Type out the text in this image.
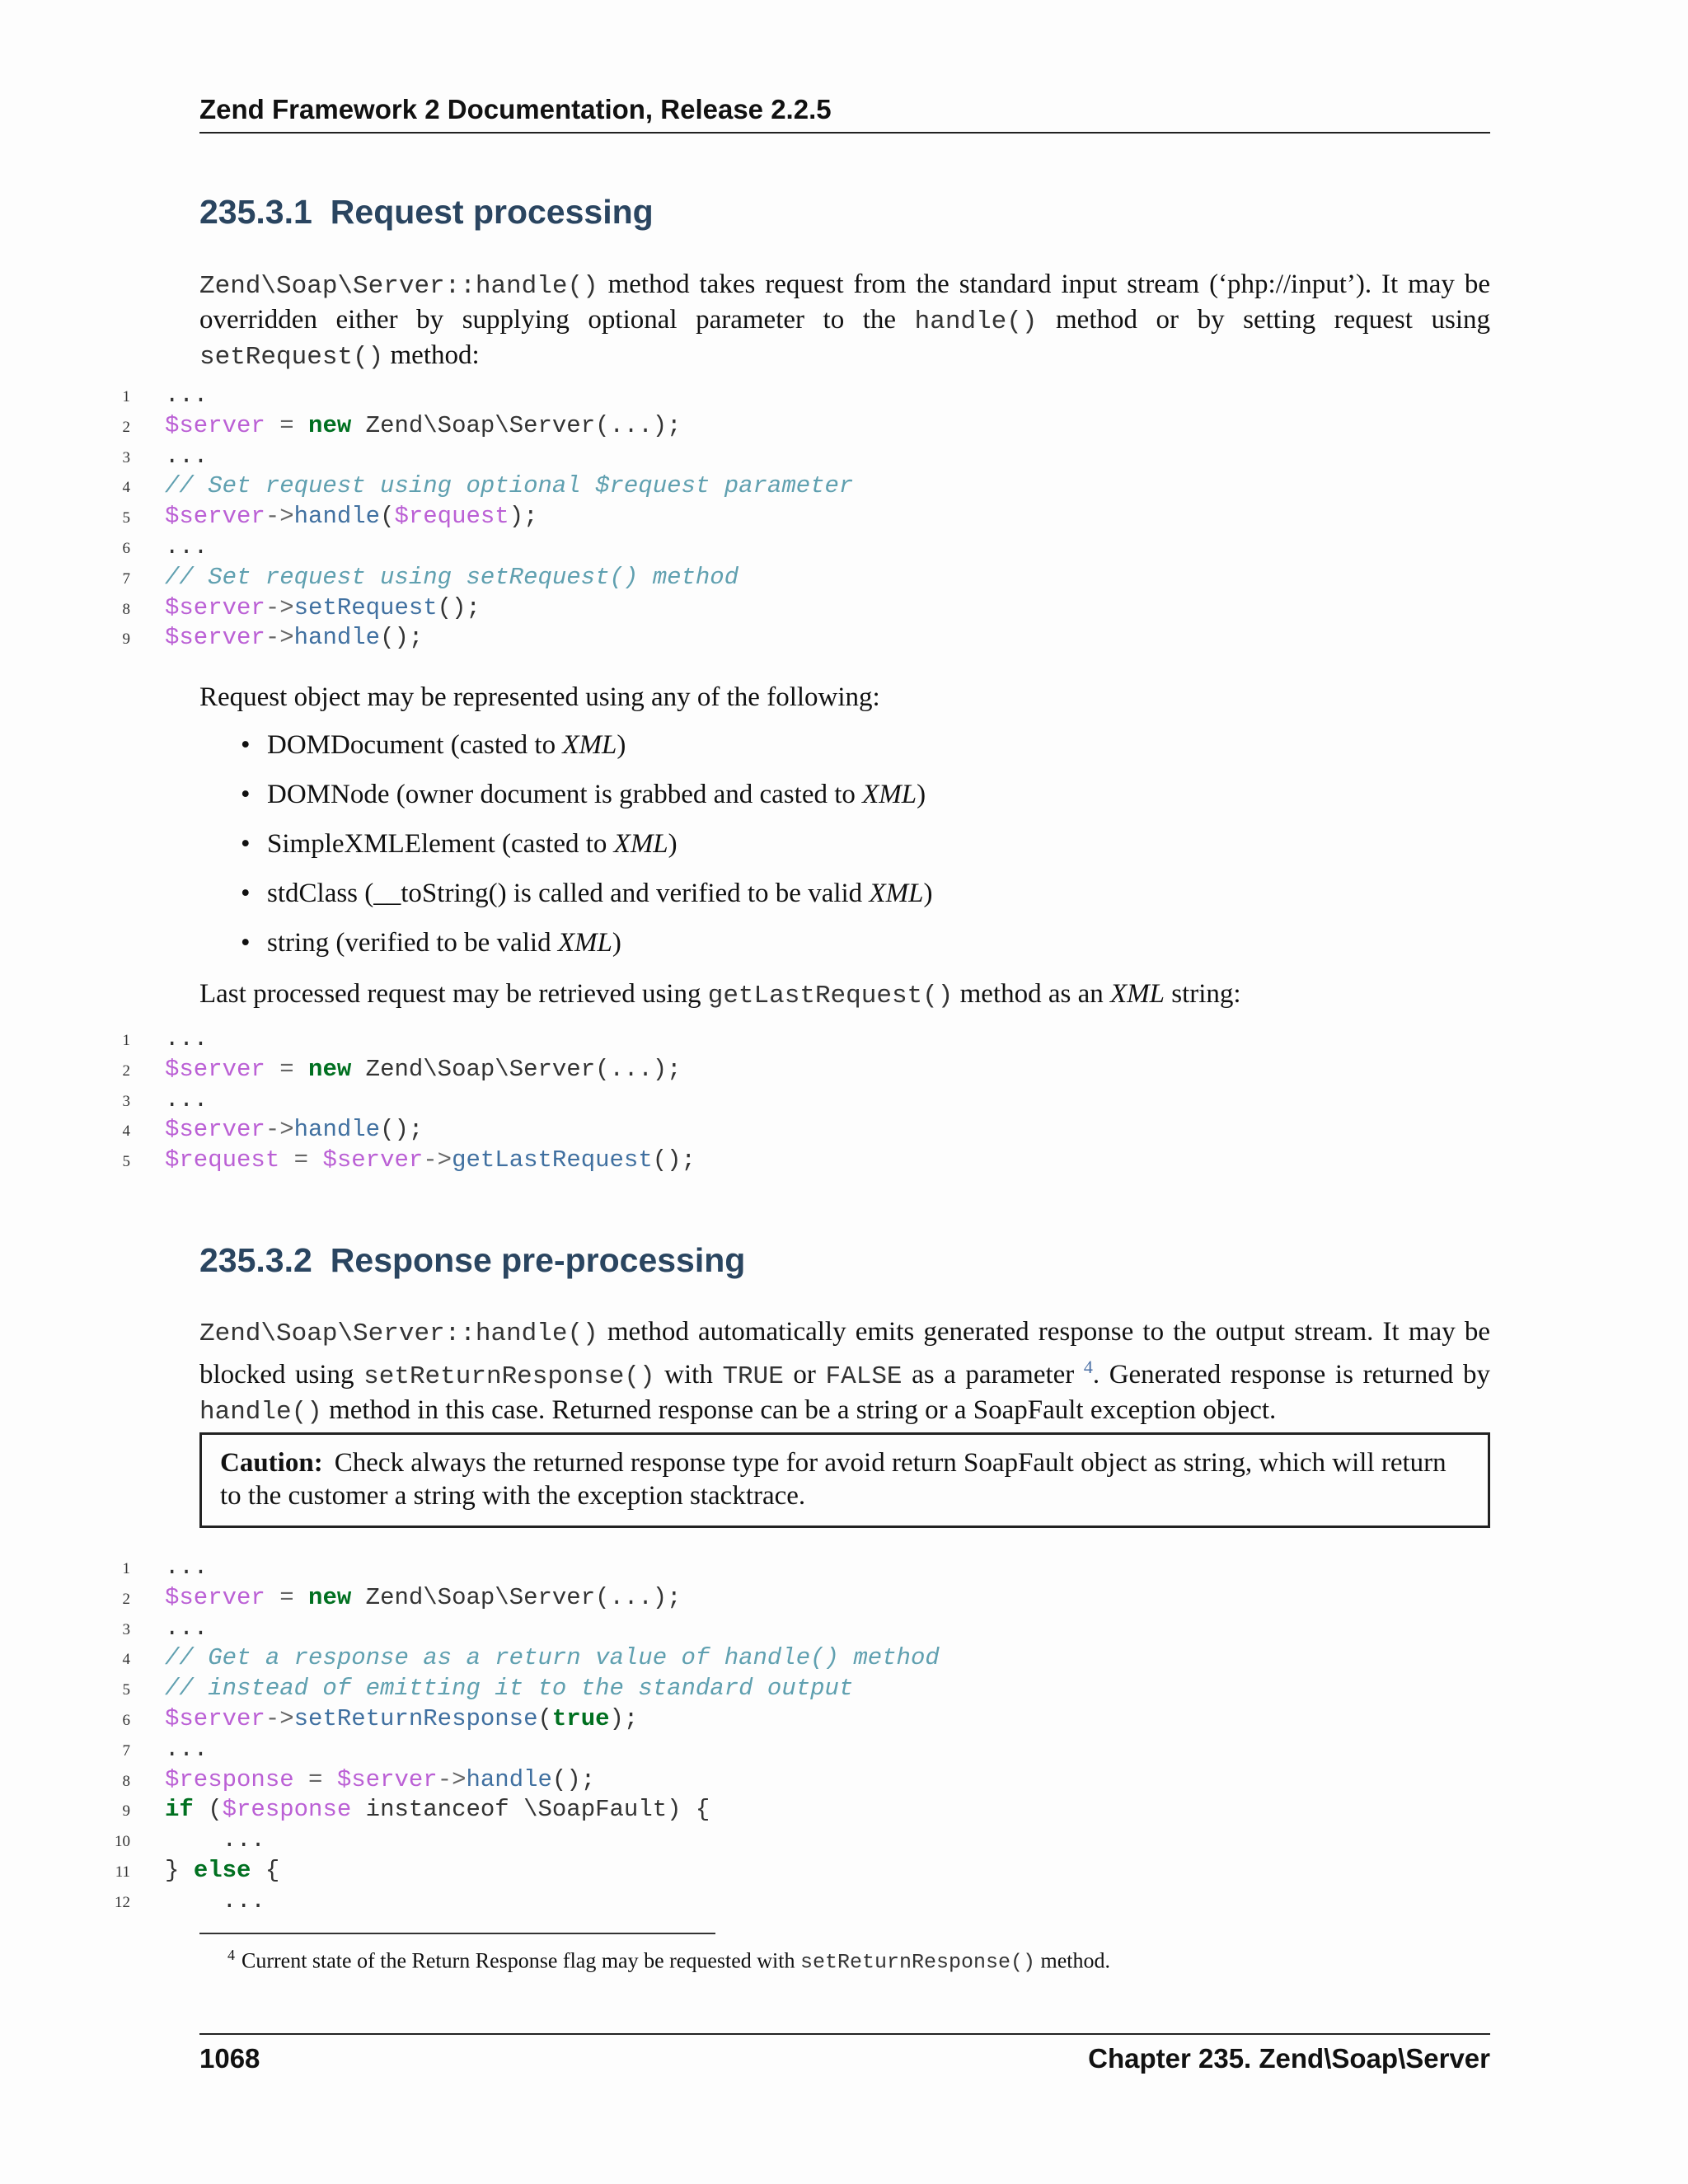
Zend Framework 2 Documentation, Release 2.2.5
235.3.1 Request processing

Zend\Soap\Server::handle() method takes request from the standard input stream (‘php://input’). It may be overridden either by supplying optional parameter to the handle() method or by setting request using setRequest() method:

1 ...
2 $server = new Zend\Soap\Server(...);
3 ...
4 // Set request using optional $request parameter
5 $server->handle($request);
6 ...
7 // Set request using setRequest() method
8 $server->setRequest();
9 $server->handle();

Request object may be represented using any of the following:

• DOMDocument (casted to XML)
• DOMNode (owner document is grabbed and casted to XML)
• SimpleXMLElement (casted to XML)
• stdClass (__toString() is called and verified to be valid XML)
• string (verified to be valid XML)

Last processed request may be retrieved using getLastRequest() method as an XML string:

1 ...
2 $server = new Zend\Soap\Server(...);
3 ...
4 $server->handle();
5 $request = $server->getLastRequest();
235.3.2 Response pre-processing

Zend\Soap\Server::handle() method automatically emits generated response to the output stream. It may be blocked using setReturnResponse() with TRUE or FALSE as a parameter $^4$. Generated response is returned by handle() method in this case. Returned response can be a string or a SoapFault exception object.

Caution: Check always the returned response type for avoid return SoapFault object as string, which will return to the customer a string with the exception stacktrace.
1 ...
2 $server = new Zend\Soap\Server(...);
3 ...
4 // Get a response as a return value of handle() method
5 // instead of emitting it to the standard output
6 $server->setReturnResponse(true);
7 ...
8 $response = $server->handle();
9 if ($response instanceof \SoapFault) {
10    ...
11 } else {
12    ...
$^4$ Current state of the Return Response flag may be requested with setReturnResponse() method.
1068	Chapter 235. Zend\Soap\Server
